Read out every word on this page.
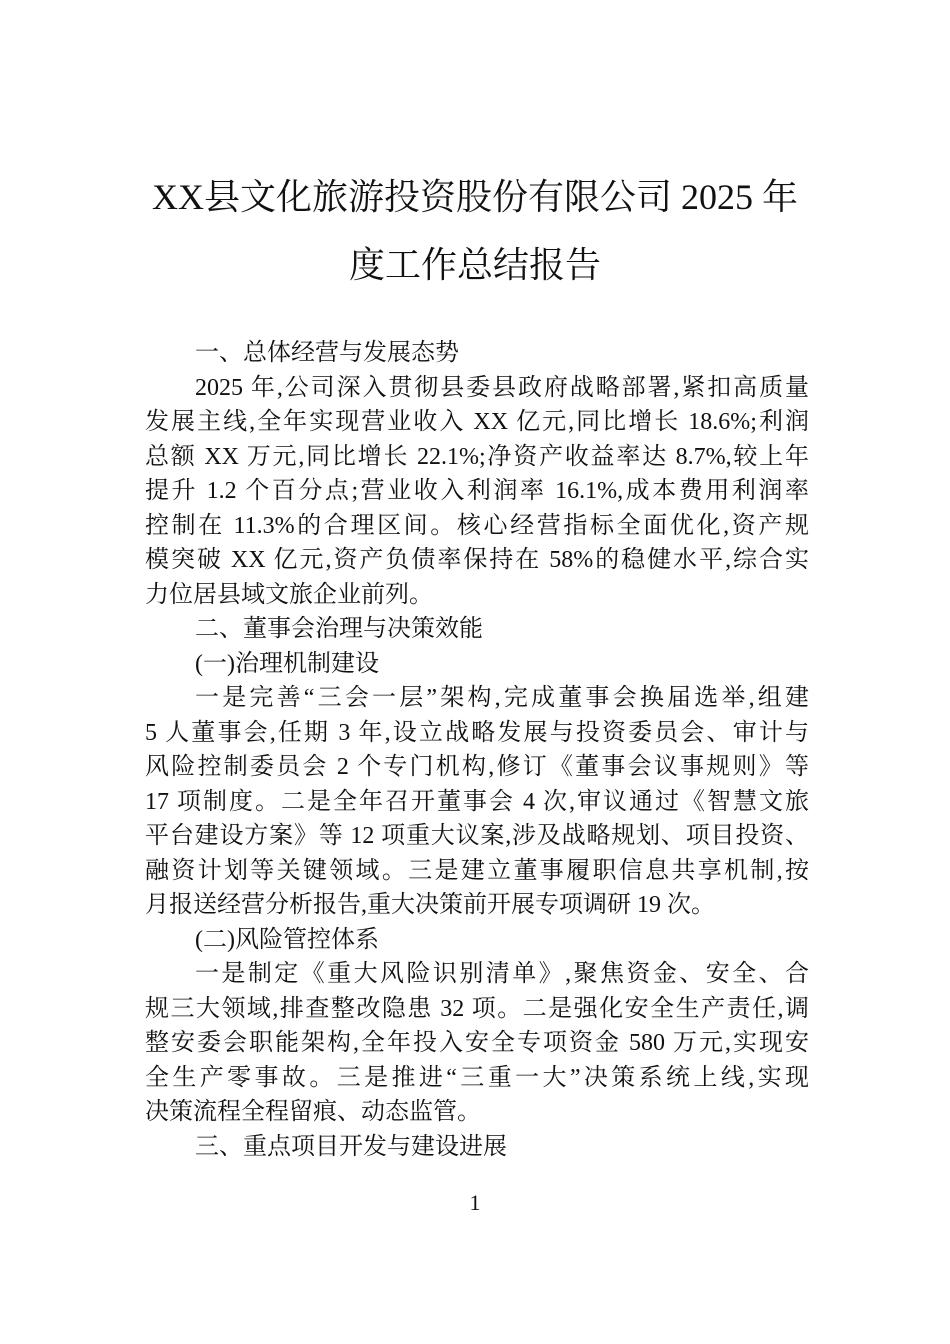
XX县文化旅游投资股份有限公司 2025 年
度工作总结报告
一、总体经营与发展态势
2025 年,公司深入贯彻县委县政府战略部署,紧扣高质量
发展主线,全年实现营业收入 XX 亿元,同比增长 18.6%;利润
总额 XX 万元,同比增长 22.1%;净资产收益率达 8.7%,较上年
提升 1.2 个百分点;营业收入利润率 16.1%,成本费用利润率
控制在 11.3%的合理区间。核心经营指标全面优化,资产规
模突破 XX 亿元,资产负债率保持在 58%的稳健水平,综合实
力位居县域文旅企业前列。
二、董事会治理与决策效能
(一)治理机制建设
一是完善“三会一层”架构,完成董事会换届选举,组建
5 人董事会,任期 3 年,设立战略发展与投资委员会、审计与
风险控制委员会 2 个专门机构,修订《董事会议事规则》等
17 项制度。二是全年召开董事会 4 次,审议通过《智慧文旅
平台建设方案》等 12 项重大议案,涉及战略规划、项目投资、
融资计划等关键领域。三是建立董事履职信息共享机制,按
月报送经营分析报告,重大决策前开展专项调研 19 次。
(二)风险管控体系
一是制定《重大风险识别清单》,聚焦资金、安全、合
规三大领域,排查整改隐患 32 项。二是强化安全生产责任,调
整安委会职能架构,全年投入安全专项资金 580 万元,实现安
全生产零事故。三是推进“三重一大”决策系统上线,实现
决策流程全程留痕、动态监管。
三、重点项目开发与建设进展
1
